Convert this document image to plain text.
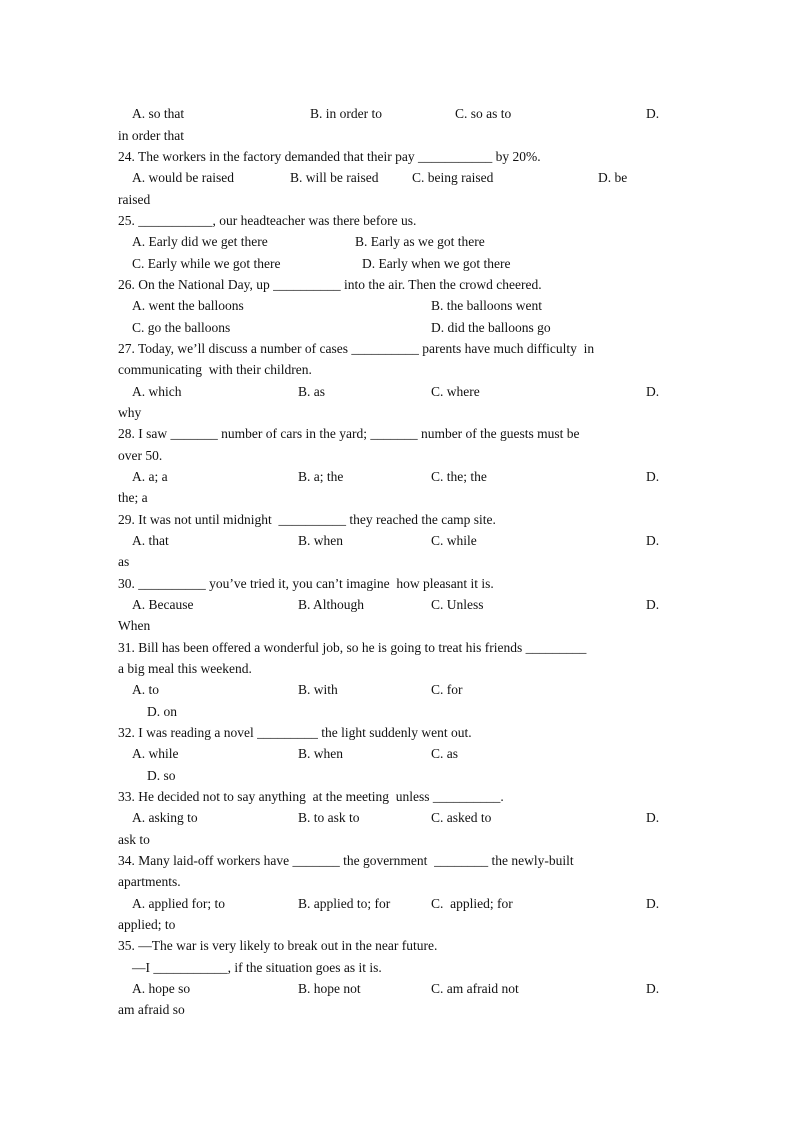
A. so that	B. in order to	C. so as to	D.
in order that
24. The workers in the factory demanded that their pay ___________ by 20%.
A. would be raised	B. will be raised C. being raised	D. be
raised
25. ___________, our headteacher was there before us.
A. Early did we get there	B. Early as we got there
C. Early while we got there	D. Early when we got there
26. On the National Day, up __________ into the air. Then the crowd cheered.
A. went the balloons	B. the balloons went
C. go the balloons	D. did the balloons go
27. Today, we’ll discuss a number of cases __________ parents have much difficulty  in
communicating  with their children.
A. which	B. as	C. where	D.
why
28. I saw _______ number of cars in the yard; _______ number of the guests must be
over 50.
A. a; a	B. a; the	C. the; the	D.
the; a
29. It was not until midnight  __________ they reached the camp site.
A. that	B. when	C. while	D.
as
30. __________ you’ve tried it, you can’t imagine  how pleasant it is.
A. Because	B. Although	C. Unless	D.
When
31. Bill has been offered a wonderful job, so he is going to treat his friends _________
a big meal this weekend.
A. to	B. with	C. for
D. on
32. I was reading a novel _________ the light suddenly went out.
A. while	B. when	C. as
D. so
33. He decided not to say anything  at the meeting  unless __________.
A. asking to	B. to ask to	C. asked to	D.
ask to
34. Many laid-off workers have _______ the government  ________ the newly-built
apartments.
A. applied for; to	B. applied to; for	C.  applied; for	D.
applied; to
35. —The war is very likely to break out in the near future.
—I ___________, if the situation goes as it is.
A. hope so	B. hope not	C. am afraid not	D.
am afraid so
